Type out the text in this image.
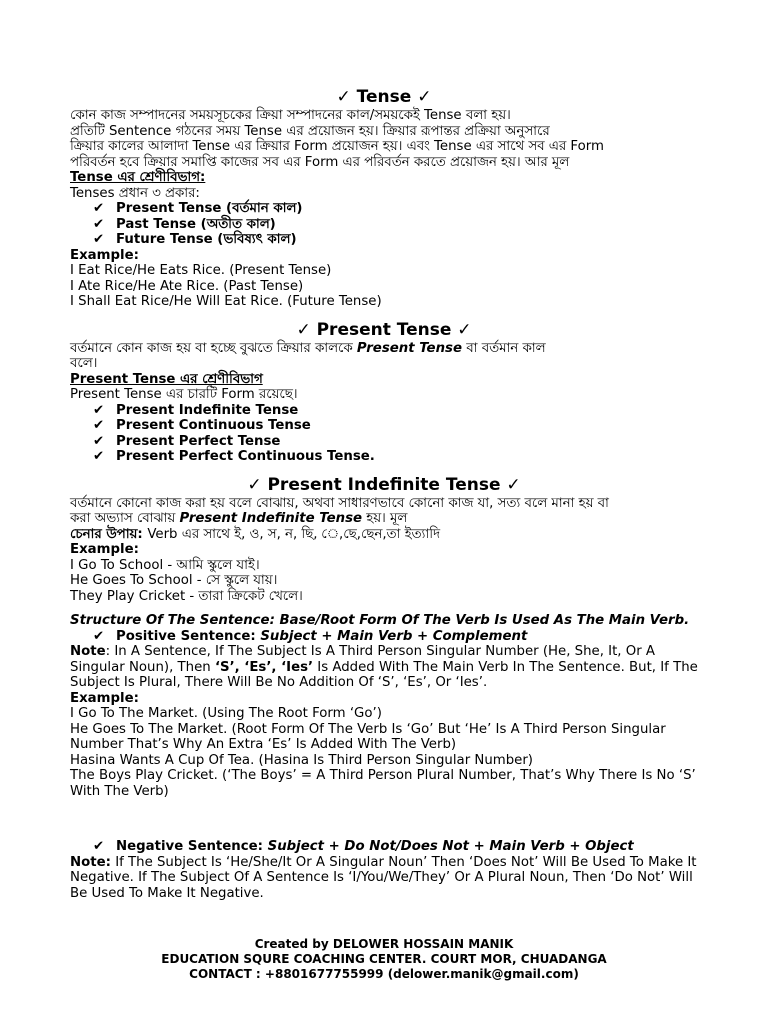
✓ Tense ✓
কোন কাজ সম্পাদনের সময়সূচকের ক্রিয়া সম্পাদনের কাল/সময়কেই Tense বলা হয়।
প্রতিটি Sentence গঠনের সময় Tense এর প্রয়োজন হয়। ক্রিয়ার রূপান্তর প্রক্রিয়া অনুসারে
ক্রিয়ার কালের আলাদা Tense এর ক্রিয়ার Form প্রয়োজন হয়। এবং Tense এর সাথে সব এর Form
পরিবর্তন হবে ক্রিয়ার সমাপ্তি কাজের সব এর Form এর পরিবর্তন করতে প্রয়োজন হয়। আর মূল
Tense এর শ্রেণীবিভাগ:
Tenses প্রধান ৩ প্রকার:
✔ Present Tense (বর্তমান কাল)
✔ Past Tense (অতীত কাল)
✔ Future Tense (ভবিষ্যৎ কাল)
Example:
I Eat Rice/He Eats Rice. (Present Tense)
I Ate Rice/He Ate Rice. (Past Tense)
I Shall Eat Rice/He Will Eat Rice. (Future Tense)
✓ Present Tense ✓
বর্তমানে কোন কাজ হয় বা হচ্ছে বুঝতে ক্রিয়ার কালকে Present Tense বা বর্তমান কাল
বলে।
Present Tense এর শ্রেণীবিভাগ
Present Tense এর চারটি Form রয়েছে।
✔ Present Indefinite Tense
✔ Present Continuous Tense
✔ Present Perfect Tense
✔ Present Perfect Continuous Tense.
✓ Present Indefinite Tense ✓
বর্তমানে কোনো কাজ করা হয় বলে বোঝায়, অথবা সাধারণভাবে কোনো কাজ যা, সত্য বলে মানা হয় বা
করা অভ্যাস বোঝায় Present Indefinite Tense হয়। মূল
চেনার উপায়: Verb এর সাথে ই, ও, স, ন, ছি, ে,ছে,ছেন,তা ইত্যাদি
Example:
I Go To School - আমি স্কুলে যাই।
He Goes To School - সে স্কুলে যায়।
They Play Cricket - তারা ক্রিকেট খেলে।
Structure Of The Sentence: Base/Root Form Of The Verb Is Used As The Main Verb.
✔ Positive Sentence: Subject + Main Verb + Complement
Note: In A Sentence, If The Subject Is A Third Person Singular Number (He, She, It, Or A Singular Noun), Then ‘S’, ‘Es’, ‘Ies’ Is Added With The Main Verb In The Sentence. But, If The Subject Is Plural, There Will Be No Addition Of ‘S’, ‘Es’, Or ‘Ies’.
Example:
I Go To The Market. (Using The Root Form ‘Go’)
He Goes To The Market. (Root Form Of The Verb Is ‘Go’ But ‘He’ Is A Third Person Singular Number That’s Why An Extra ‘Es’ Is Added With The Verb)
Hasina Wants A Cup Of Tea. (Hasina Is Third Person Singular Number)
The Boys Play Cricket. (‘The Boys’ = A Third Person Plural Number, That’s Why There Is No ‘S’ With The Verb)
✔ Negative Sentence: Subject + Do Not/Does Not + Main Verb + Object
Note: If The Subject Is ‘He/She/It Or A Singular Noun’ Then ‘Does Not’ Will Be Used To Make It Negative. If The Subject Of A Sentence Is ‘I/You/We/They’ Or A Plural Noun, Then ‘Do Not’ Will Be Used To Make It Negative.
Created by DELOWER HOSSAIN MANIK
EDUCATION SQURE COACHING CENTER. COURT MOR, CHUADANGA
CONTACT : +8801677755999 (delower.manik@gmail.com)
